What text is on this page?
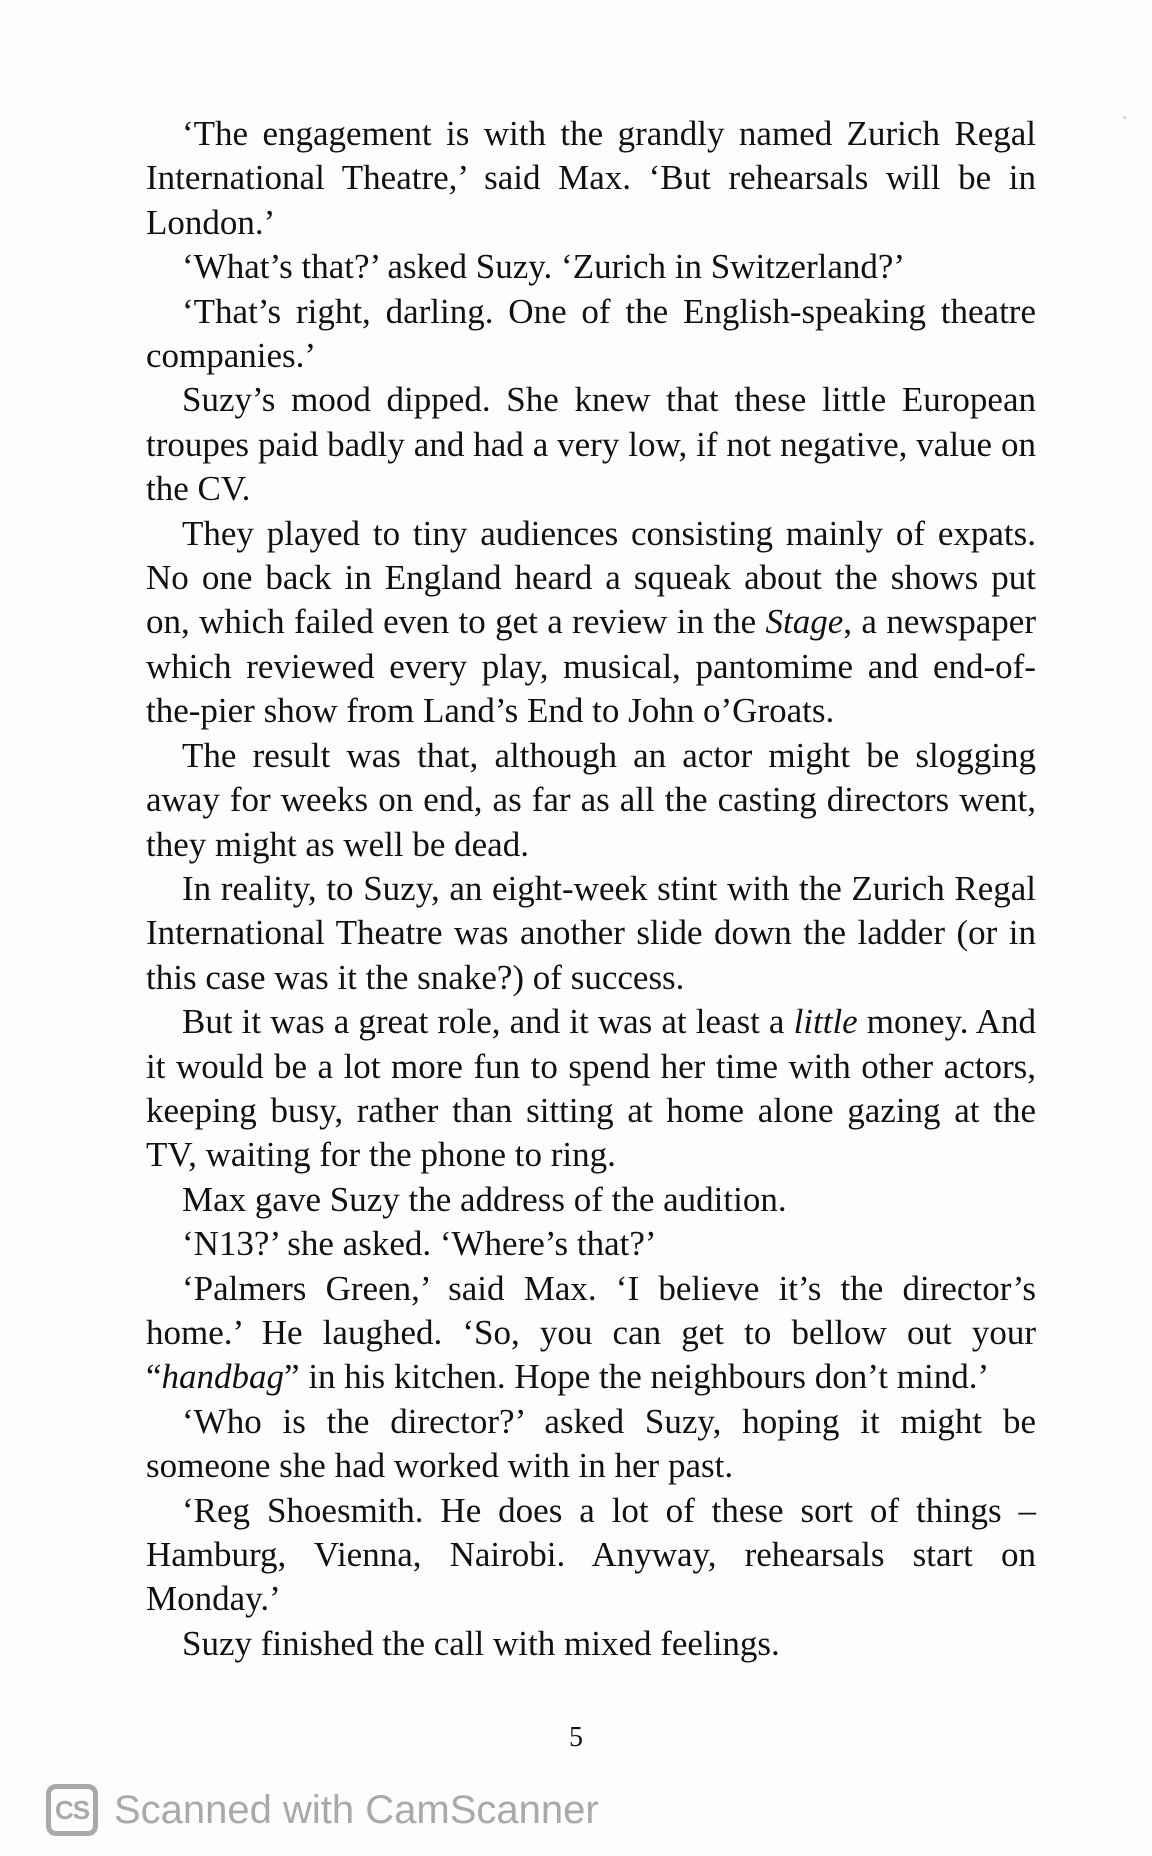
‘The engagement is with the grandly named Zurich Regal International Theatre,’ said Max. ‘But rehearsals will be in London.’

‘What’s that?’ asked Suzy. ‘Zurich in Switzerland?’

‘That’s right, darling. One of the English-speaking theatre companies.’

Suzy’s mood dipped. She knew that these little European troupes paid badly and had a very low, if not negative, value on the CV.

They played to tiny audiences consisting mainly of expats. No one back in England heard a squeak about the shows put on, which failed even to get a review in the Stage, a newspaper which reviewed every play, musical, pantomime and end-of-the-pier show from Land’s End to John o’Groats.

The result was that, although an actor might be slogging away for weeks on end, as far as all the casting directors went, they might as well be dead.

In reality, to Suzy, an eight-week stint with the Zurich Regal International Theatre was another slide down the ladder (or in this case was it the snake?) of success.

But it was a great role, and it was at least a little money. And it would be a lot more fun to spend her time with other actors, keeping busy, rather than sitting at home alone gazing at the TV, waiting for the phone to ring.

Max gave Suzy the address of the audition.

‘N13?’ she asked. ‘Where’s that?’

‘Palmers Green,’ said Max. ‘I believe it’s the director’s home.’ He laughed. ‘So, you can get to bellow out your “handbag” in his kitchen. Hope the neighbours don’t mind.’

‘Who is the director?’ asked Suzy, hoping it might be someone she had worked with in her past.

‘Reg Shoesmith. He does a lot of these sort of things – Hamburg, Vienna, Nairobi. Anyway, rehearsals start on Monday.’

Suzy finished the call with mixed feelings.

5
CS Scanned with CamScanner
